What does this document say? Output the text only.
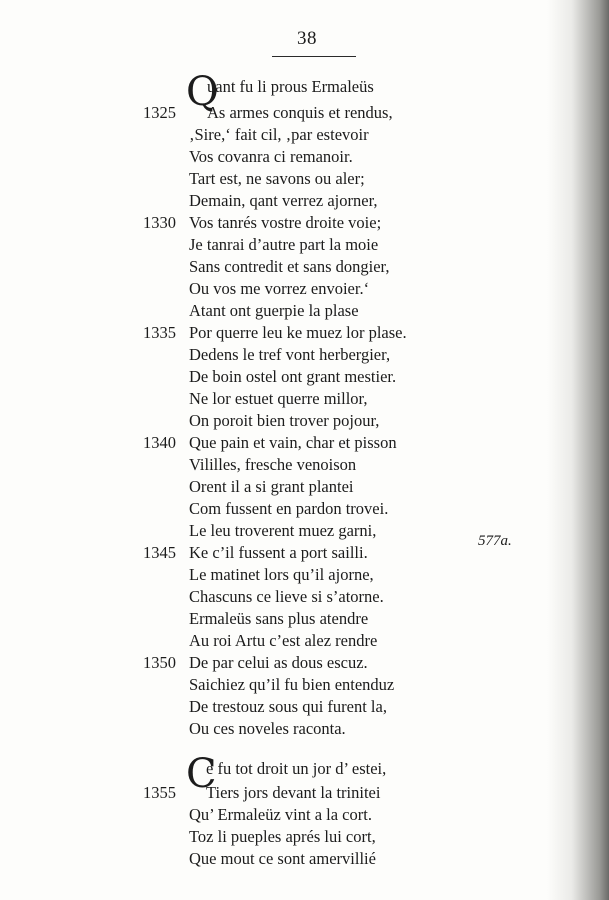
38
Q
uant fu li prous Ermaleüs
1325 As armes conquis et rendus,
‚Sire,‘ fait cil, ‚par estevoir
Vos covanra ci remanoir.
Tart est, ne savons ou aler;
Demain, qant verrez ajorner,
1330 Vos tanrés vostre droite voie;
Je tanrai d’autre part la moie
Sans contredit et sans dongier,
Ou vos me vorrez envoier.‘
Atant ont guerpie la plase
1335 Por querre leu ke muez lor plase.
Dedens le tref vont herbergier,
De boin ostel ont grant mestier.
Ne lor estuet querre millor,
On poroit bien trover pojour,
1340 Que pain et vain, char et pisson
Vililles, fresche venoison
Orent il a si grant plantei
Com fussent en pardon trovei.
Le leu troverent muez garni,
1345 Ke c’il fussent a port sailli.
Le matinet lors qu’il ajorne,
Chascuns ce lieve si s’atorne.
Ermaleüs sans plus atendre
Au roi Artu c’est alez rendre
1350 De par celui as dous escuz.
Saichiez qu’il fu bien entenduz
De trestouz sous qui furent la,
Ou ces noveles raconta.
577a.
C
e fu tot droit un jor d’ estei,
1355 Tiers jors devant la trinitei
Qu’ Ermaleüz vint a la cort.
Toz li pueples aprés lui cort,
Que mout ce sont amervillié
